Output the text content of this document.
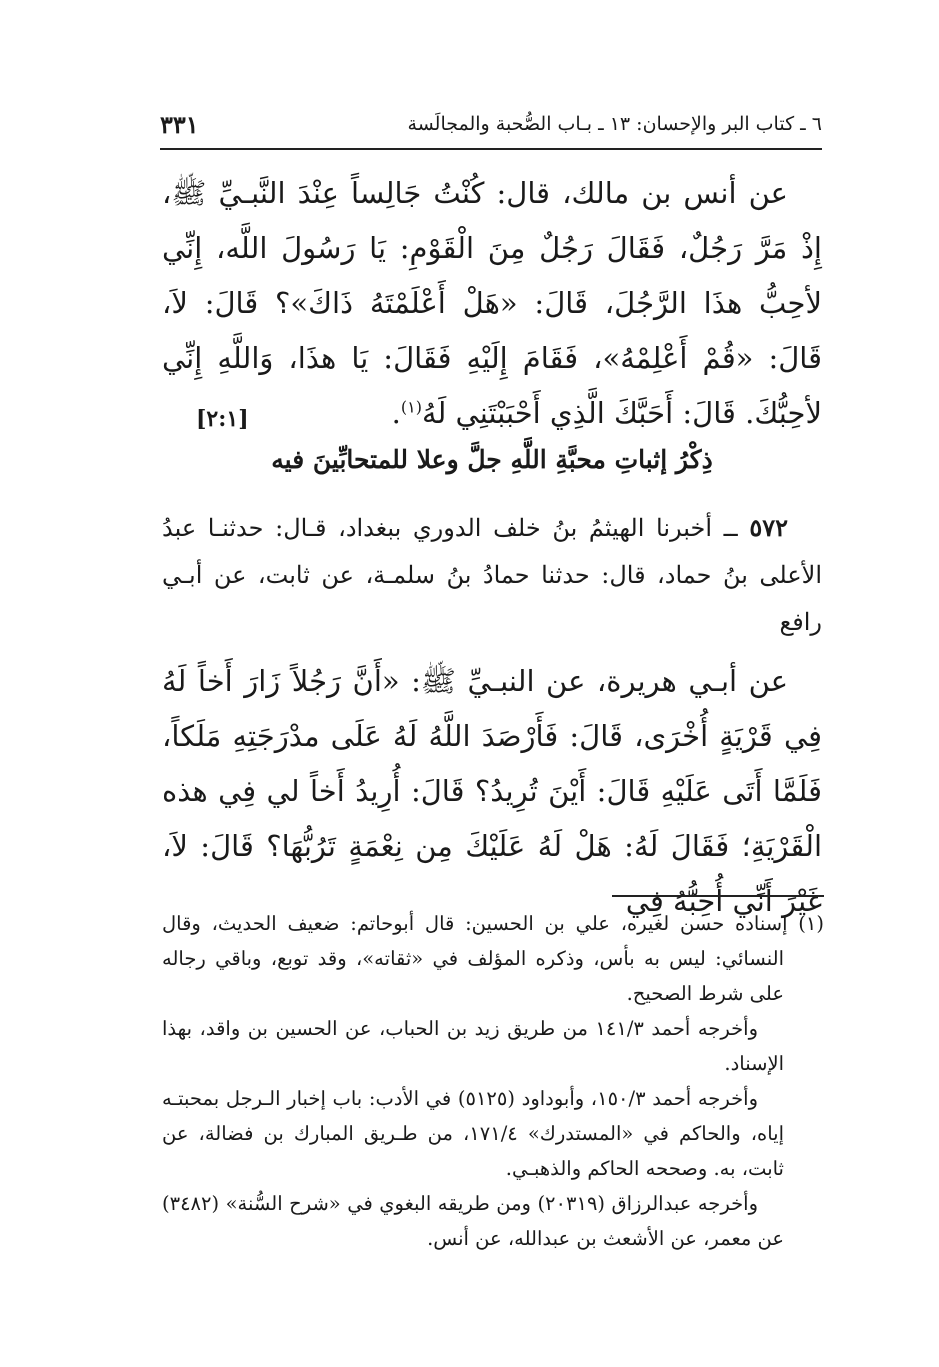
٦ ـ كتاب البر والإحسان: ١٣ ـ بـاب الصُّحبة والمجالَسة
٣٣١

عن أنس بن مالك، قال: كُنْتُ جَالِساً عِنْدَ النَّبـيِّ ﷺ، إِذْ مَرَّ رَجُلٌ، فَقَالَ رَجُلٌ مِنَ الْقَوْمِ: يَا رَسُولَ اللَّه، إِنِّي لأحِبُّ هذَا الرَّجُلَ، قَالَ: «هَلْ أَعْلَمْتَهُ ذَاكَ»؟ قَالَ: لاَ، قَالَ: «قُمْ أَعْلِمْهُ»، فَقَامَ إِلَيْهِ فَقَالَ: يَا هذَا، وَاللَّهِ إِنِّي لأحِبُّكَ. قَالَ: أَحَبَّكَ الَّذِي أَحْبَبْتَنِي لَهُ$^{(١)}$.
[٢:١]

ذِكْرُ إثباتِ محبَّةِ اللَّهِ جلَّ وعلا للمتحابِّينَ فيه

٥٧٢ ــ أخبرنا الهيثمُ بنُ خلف الدوري ببغداد، قـال: حدثنـا عبدُ الأعلى بنُ حماد، قال: حدثنا حمادُ بنُ سلمـة، عن ثابت، عن أبـي رافع

عن أبـي هريرة، عن النبـيِّ ﷺ: «أَنَّ رَجُلاً زَارَ أَخاً لَهُ فِي قَرْيَةٍ أُخْرَى، قَالَ: فَأَرْصَدَ اللَّهُ لَهُ عَلَى مدْرَجَتِهِ مَلَكاً، فَلَمَّا أَتَى عَلَيْهِ قَالَ: أَيْنَ تُرِيدُ؟ قَالَ: أُرِيدُ أَخاً لي فِي هذه الْقَرْيَةِ؛ فَقَالَ لَهُ: هَلْ لَهُ عَلَيْكَ مِن نِعْمَةٍ تَرُبُّهَا؟ قَالَ: لاَ، غَيْرَ أَنِّي أُحِبُّهُ فِي

(١) إسناده حسن لغيره، علي بن الحسين: قال أبوحاتم: ضعيف الحديث، وقال النسائي: ليس به بأس، وذكره المؤلف في «ثقاته»، وقد توبع، وباقي رجاله على شرط الصحيح.

وأخرجه أحمد ١٤١/٣ من طريق زيد بن الحباب، عن الحسين بن واقد، بهذا الإسناد.

وأخرجه أحمد ١٥٠/٣، وأبوداود (٥١٢٥) في الأدب: باب إخبار الـرجل بمحبتـه إياه، والحاكم في «المستدرك» ١٧١/٤، من طـريق المبارك بن فضالة، عن ثابت، به. وصححه الحاكم والذهبـي.

وأخرجه عبدالرزاق (٢٠٣١٩) ومن طريقه البغوي في «شرح السُّنة» (٣٤٨٢) عن معمر، عن الأشعث بن عبدالله، عن أنس.
